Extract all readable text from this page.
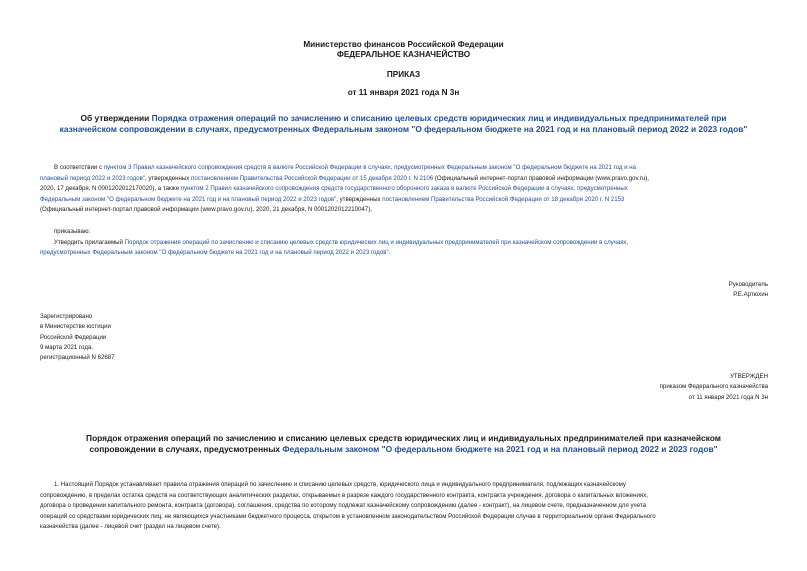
Министерство финансов Российской Федерации
ФЕДЕРАЛЬНОЕ КАЗНАЧЕЙСТВО
ПРИКАЗ
от 11 января 2021 года N 3н
Об утверждении Порядка отражения операций по зачислению и списанию целевых средств юридических лиц и индивидуальных предпринимателей при
казначейском сопровождении в случаях, предусмотренных Федеральным законом "О федеральном бюджете на 2021 год и на плановый период 2022 и 2023 годов"
В соответствии с пунктом 3 Правил казначейского сопровождения средств в валюте Российской Федерации в случаях, предусмотренных Федеральным законом "О федеральном бюджете на 2021 год и на
плановый период 2022 и 2023 годов", утвержденных постановлением Правительства Российской Федерации от 15 декабря 2020 г. N 2106 (Официальный интернет-портал правовой информации (www.pravo.gov.ru),
2020, 17 декабря, N 0001202012170020), а также пунктом 2 Правил казначейского сопровождения средств государственного оборонного заказа в валюте Российской Федерации в случаях, предусмотренных
Федеральным законом "О федеральном бюджете на 2021 год и на плановый период 2022 и 2023 годов", утвержденных постановлением Правительства Российской Федерации от 18 декабря 2020 г. N 2153
(Официальный интернет-портал правовой информации (www.pravo.gov.ru), 2020, 21 декабря, N 0001202012210047),
приказываю:
Утвердить прилагаемый Порядок отражения операций по зачислению и списанию целевых средств юридических лиц и индивидуальных предпринимателей при казначейском сопровождении в случаях,
предусмотренных Федеральным законом "О федеральном бюджете на 2021 год и на плановый период 2022 и 2023 годов".
Руководитель
Р.Е.Артюхин
Зарегистрировано
в Министерстве юстиции
Российской Федерации
9 марта 2021 года,
регистрационный N 62687
УТВЕРЖДЕН
приказом Федерального казначейства
от 11 января 2021 года N 3н
Порядок отражения операций по зачислению и списанию целевых средств юридических лиц и индивидуальных предпринимателей при казначейском
сопровождении в случаях, предусмотренных Федеральным законом "О федеральном бюджете на 2021 год и на плановый период 2022 и 2023 годов"
1. Настоящий Порядок устанавливает правила отражения операций по зачислению и списанию целевых средств, юридического лица и индивидуального предпринимателя, подлежащих казначейскому
сопровождению, в пределах остатка средств на соответствующих аналитических разделах, открываемых в разрезе каждого государственного контракта, контракта учреждения, договора о капитальных вложениях,
договора о проведении капитального ремонта, контракта (договора), соглашения, средства по которому подлежат казначейскому сопровождению (далее - контракт), на лицевом счете, предназначенном для учета
операций со средствами юридических лиц, не являющихся участниками бюджетного процесса, открытом в установленном законодательством Российской Федерации случае в территориальном органе Федерального
казначейства (далее - лицевой счет (раздел на лицевом счете).
